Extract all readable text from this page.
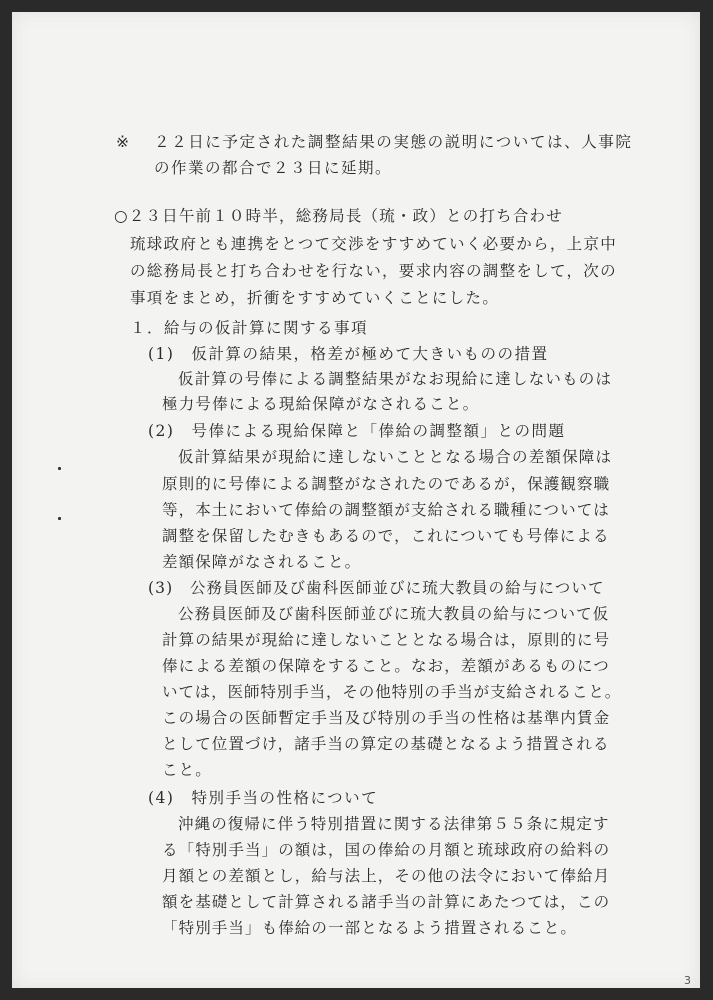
※ ２２日に予定された調整結果の実態の説明については、人事院
の作業の都合で２３日に延期。
○２３日午前１０時半，総務局長（琉・政）との打ち合わせ
琉球政府とも連携をとつて交渉をすすめていく必要から，上京中
の総務局長と打ち合わせを行ない，要求内容の調整をして，次の
事項をまとめ，折衝をすすめていくことにした。
１．給与の仮計算に関する事項
(1)　仮計算の結果，格差が極めて大きいものの措置
仮計算の号俸による調整結果がなお現給に達しないものは
極力号俸による現給保障がなされること。
(2)　号俸による現給保障と「俸給の調整額」との問題
仮計算結果が現給に達しないこととなる場合の差額保障は
原則的に号俸による調整がなされたのであるが，保護観察職
等，本土において俸給の調整額が支給される職種については
調整を保留したむきもあるので，これについても号俸による
差額保障がなされること。
(3)　公務員医師及び歯科医師並びに琉大教員の給与について
公務員医師及び歯科医師並びに琉大教員の給与について仮
計算の結果が現給に達しないこととなる場合は，原則的に号
俸による差額の保障をすること。なお，差額があるものにつ
いては，医師特別手当，その他特別の手当が支給されること。
この場合の医師暫定手当及び特別の手当の性格は基準内賃金
として位置づけ，諸手当の算定の基礎となるよう措置される
こと。
(4)　特別手当の性格について
沖縄の復帰に伴う特別措置に関する法律第５５条に規定す
る「特別手当」の額は，国の俸給の月額と琉球政府の給料の
月額との差額とし，給与法上，その他の法令において俸給月
額を基礎として計算される諸手当の計算にあたつては，この
「特別手当」も俸給の一部となるよう措置されること。
3
